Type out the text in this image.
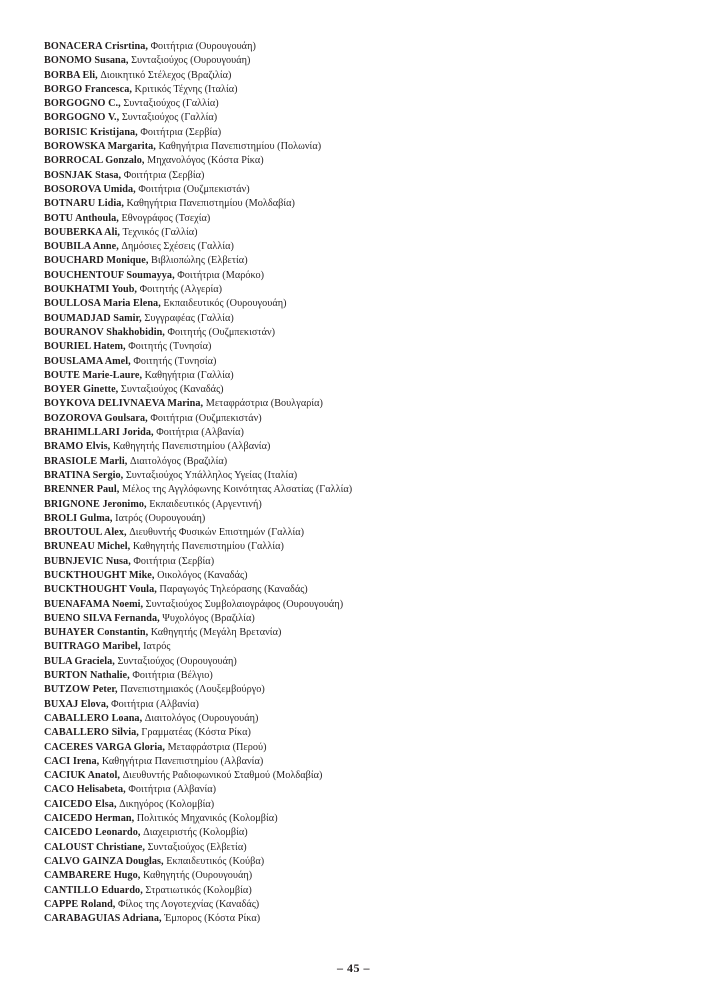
BONACERA Crisrtina, Φοιτήτρια (Ουρουγουάη)
BONOMO Susana, Συνταξιούχος (Ουρουγουάη)
BORBA Eli, Διοικητικό Στέλεχος (Βραζιλία)
BORGO Francesca, Κριτικός Τέχνης (Ιταλία)
BORGOGNO C., Συνταξιούχος (Γαλλία)
BORGOGNO V., Συνταξιούχος (Γαλλία)
BORISIC Kristijana, Φοιτήτρια (Σερβία)
BOROWSKA Margarita, Καθηγήτρια Πανεπιστημίου (Πολωνία)
BORROCAL Gonzalo, Μηχανολόγος (Κόστα Ρίκα)
BOSNJAK Stasa, Φοιτήτρια (Σερβία)
BOSOROVA Umida, Φοιτήτρια (Ουζμπεκιστάν)
BOTNARU Lidia, Καθηγήτρια Πανεπιστημίου (Μολδαβία)
BOTU Anthoula, Εθνογράφος (Τσεχία)
BOUBERKA Ali, Τεχνικός (Γαλλία)
BOUBILA Anne, Δημόσιες Σχέσεις (Γαλλία)
BOUCHARD Monique, Βιβλιοπώλης (Ελβετία)
BOUCHENTOUF Soumayya, Φοιτήτρια (Μαρόκο)
BOUKHATMI Youb, Φοιτητής (Αλγερία)
BOULLOSA Maria Elena, Εκπαιδευτικός (Ουρουγουάη)
BOUMADJAD Samir, Συγγραφέας (Γαλλία)
BOURANOV Shakhobidin, Φοιτητής (Ουζμπεκιστάν)
BOURIEL Hatem, Φοιτητής (Τυνησία)
BOUSLAMA Amel, Φοιτητής (Τυνησία)
BOUTE Marie-Laure, Καθηγήτρια (Γαλλία)
BOYER Ginette, Συνταξιούχος (Καναδάς)
BOYKOVA DELIVNAEVA Marina, Μεταφράστρια (Βουλγαρία)
BOZOROVA Goulsara, Φοιτήτρια (Ουζμπεκιστάν)
BRAHIMLLARI Jorida, Φοιτήτρια (Αλβανία)
BRAMO Elvis, Καθηγητής Πανεπιστημίου (Αλβανία)
BRASIOLE Marli, Διαιτολόγος (Βραζιλία)
BRATINA Sergio, Συνταξιούχος Υπάλληλος Υγείας (Ιταλία)
BRENNER Paul, Μέλος της Αγγλόφωνης Κοινότητας Αλσατίας (Γαλλία)
BRIGNONE Jeronimo, Εκπαιδευτικός (Αργεντινή)
BROLI Gulma, Ιατρός (Ουρουγουάη)
BROUTOUL Alex, Διευθυντής Φυσικών Επιστημών (Γαλλία)
BRUNEAU Michel, Καθηγητής Πανεπιστημίου (Γαλλία)
BUBNJEVIC Nusa, Φοιτήτρια (Σερβία)
BUCKTHOUGHT Mike, Οικολόγος (Καναδάς)
BUCKTHOUGHT Voula, Παραγωγός Τηλεόρασης (Καναδάς)
BUENAFAMA Noemi, Συνταξιούχος Συμβολαιογράφος (Ουρουγουάη)
BUENO SILVA Fernanda, Ψυχολόγος (Βραζιλία)
BUHAYER Constantin, Καθηγητής (Μεγάλη Βρετανία)
BUITRAGO Maribel, Ιατρός
BULA Graciela, Συνταξιούχος (Ουρουγουάη)
BURTON Nathalie, Φοιτήτρια (Βέλγιο)
BUTZOW Peter, Πανεπιστημιακός (Λουξεμβούργο)
BUXAJ Elova, Φοιτήτρια (Αλβανία)
CABALLERO Loana, Διαιτολόγος (Ουρουγουάη)
CABALLERO Silvia, Γραμματέας (Κόστα Ρίκα)
CACERES VARGA Gloria, Μεταφράστρια (Περού)
CACI Irena, Καθηγήτρια Πανεπιστημίου (Αλβανία)
CACIUK Anatol, Διευθυντής Ραδιοφωνικού Σταθμού (Μολδαβία)
CACO Helisabeta, Φοιτήτρια (Αλβανία)
CAICEDO Elsa, Δικηγόρος (Κολομβία)
CAICEDO Herman, Πολιτικός Μηχανικός (Κολομβία)
CAICEDO Leonardo, Διαχειριστής (Κολομβία)
CALOUST Christiane, Συνταξιούχος (Ελβετία)
CALVO GAINZA Douglas, Εκπαιδευτικός (Κούβα)
CAMBARERE Hugo, Καθηγητής (Ουρουγουάη)
CANTILLO Eduardo, Στρατιωτικός (Κολομβία)
CAPPE Roland, Φίλος της Λογοτεχνίας (Καναδάς)
CARABAGUIAS Adriana, Έμπορος (Κόστα Ρίκα)
– 45 –
